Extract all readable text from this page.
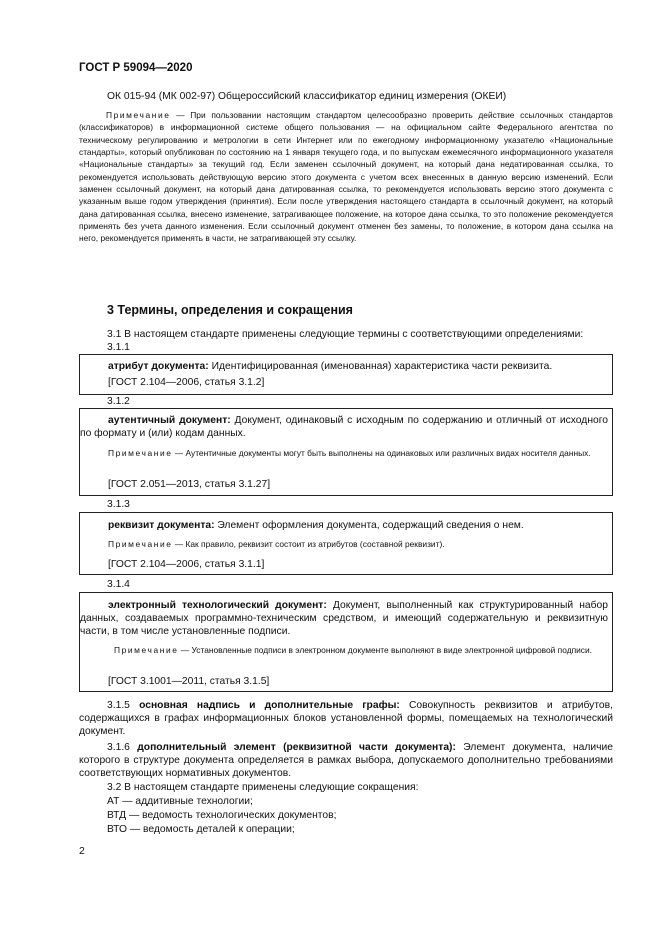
ГОСТ Р 59094—2020
ОК 015-94 (МК 002-97) Общероссийский классификатор единиц измерения (ОКЕИ)
Примечание — При пользовании настоящим стандартом целесообразно проверить действие ссылочных стандартов (классификаторов) в информационной системе общего пользования — на официальном сайте Федерального агентства по техническому регулированию и метрологии в сети Интернет или по ежегодному информационному указателю «Национальные стандарты», который опубликован по состоянию на 1 января текущего года, и по выпускам ежемесячного информационного указателя «Национальные стандарты» за текущий год. Если заменен ссылочный документ, на который дана недатированная ссылка, то рекомендуется использовать действующую версию этого документа с учетом всех внесенных в данную версию изменений. Если заменен ссылочный документ, на который дана датированная ссылка, то рекомендуется использовать версию этого документа с указанным выше годом утверждения (принятия). Если после утверждения настоящего стандарта в ссылочный документ, на который дана датированная ссылка, внесено изменение, затрагивающее положение, на которое дана ссылка, то это положение рекомендуется применять без учета данного изменения. Если ссылочный документ отменен без замены, то положение, в котором дана ссылка на него, рекомендуется применять в части, не затрагивающей эту ссылку.
3 Термины, определения и сокращения
3.1 В настоящем стандарте применены следующие термины с соответствующими определениями:
3.1.1
атрибут документа: Идентифицированная (именованная) характеристика части реквизита.
[ГОСТ 2.104—2006, статья 3.1.2]
3.1.2
аутентичный документ: Документ, одинаковый с исходным по содержанию и отличный от исходного по формату и (или) кодам данных.
Примечание — Аутентичные документы могут быть выполнены на одинаковых или различных видах носителя данных.
[ГОСТ 2.051—2013, статья 3.1.27]
3.1.3
реквизит документа: Элемент оформления документа, содержащий сведения о нем.
Примечание — Как правило, реквизит состоит из атрибутов (составной реквизит).
[ГОСТ 2.104—2006, статья 3.1.1]
3.1.4
электронный технологический документ: Документ, выполненный как структурированный набор данных, создаваемых программно-техническим средством, и имеющий содержательную и реквизитную части, в том числе установленные подписи.
Примечание — Установленные подписи в электронном документе выполняют в виде электронной цифровой подписи.
[ГОСТ 3.1001—2011, статья 3.1.5]
3.1.5 основная надпись и дополнительные графы: Совокупность реквизитов и атрибутов, содержащихся в графах информационных блоков установленной формы, помещаемых на технологический документ.
3.1.6 дополнительный элемент (реквизитной части документа): Элемент документа, наличие которого в структуре документа определяется в рамках выбора, допускаемого дополнительно требованиями соответствующих нормативных документов.
3.2 В настоящем стандарте применены следующие сокращения:
АТ — аддитивные технологии;
ВТД — ведомость технологических документов;
ВТО — ведомость деталей к операции;
2
